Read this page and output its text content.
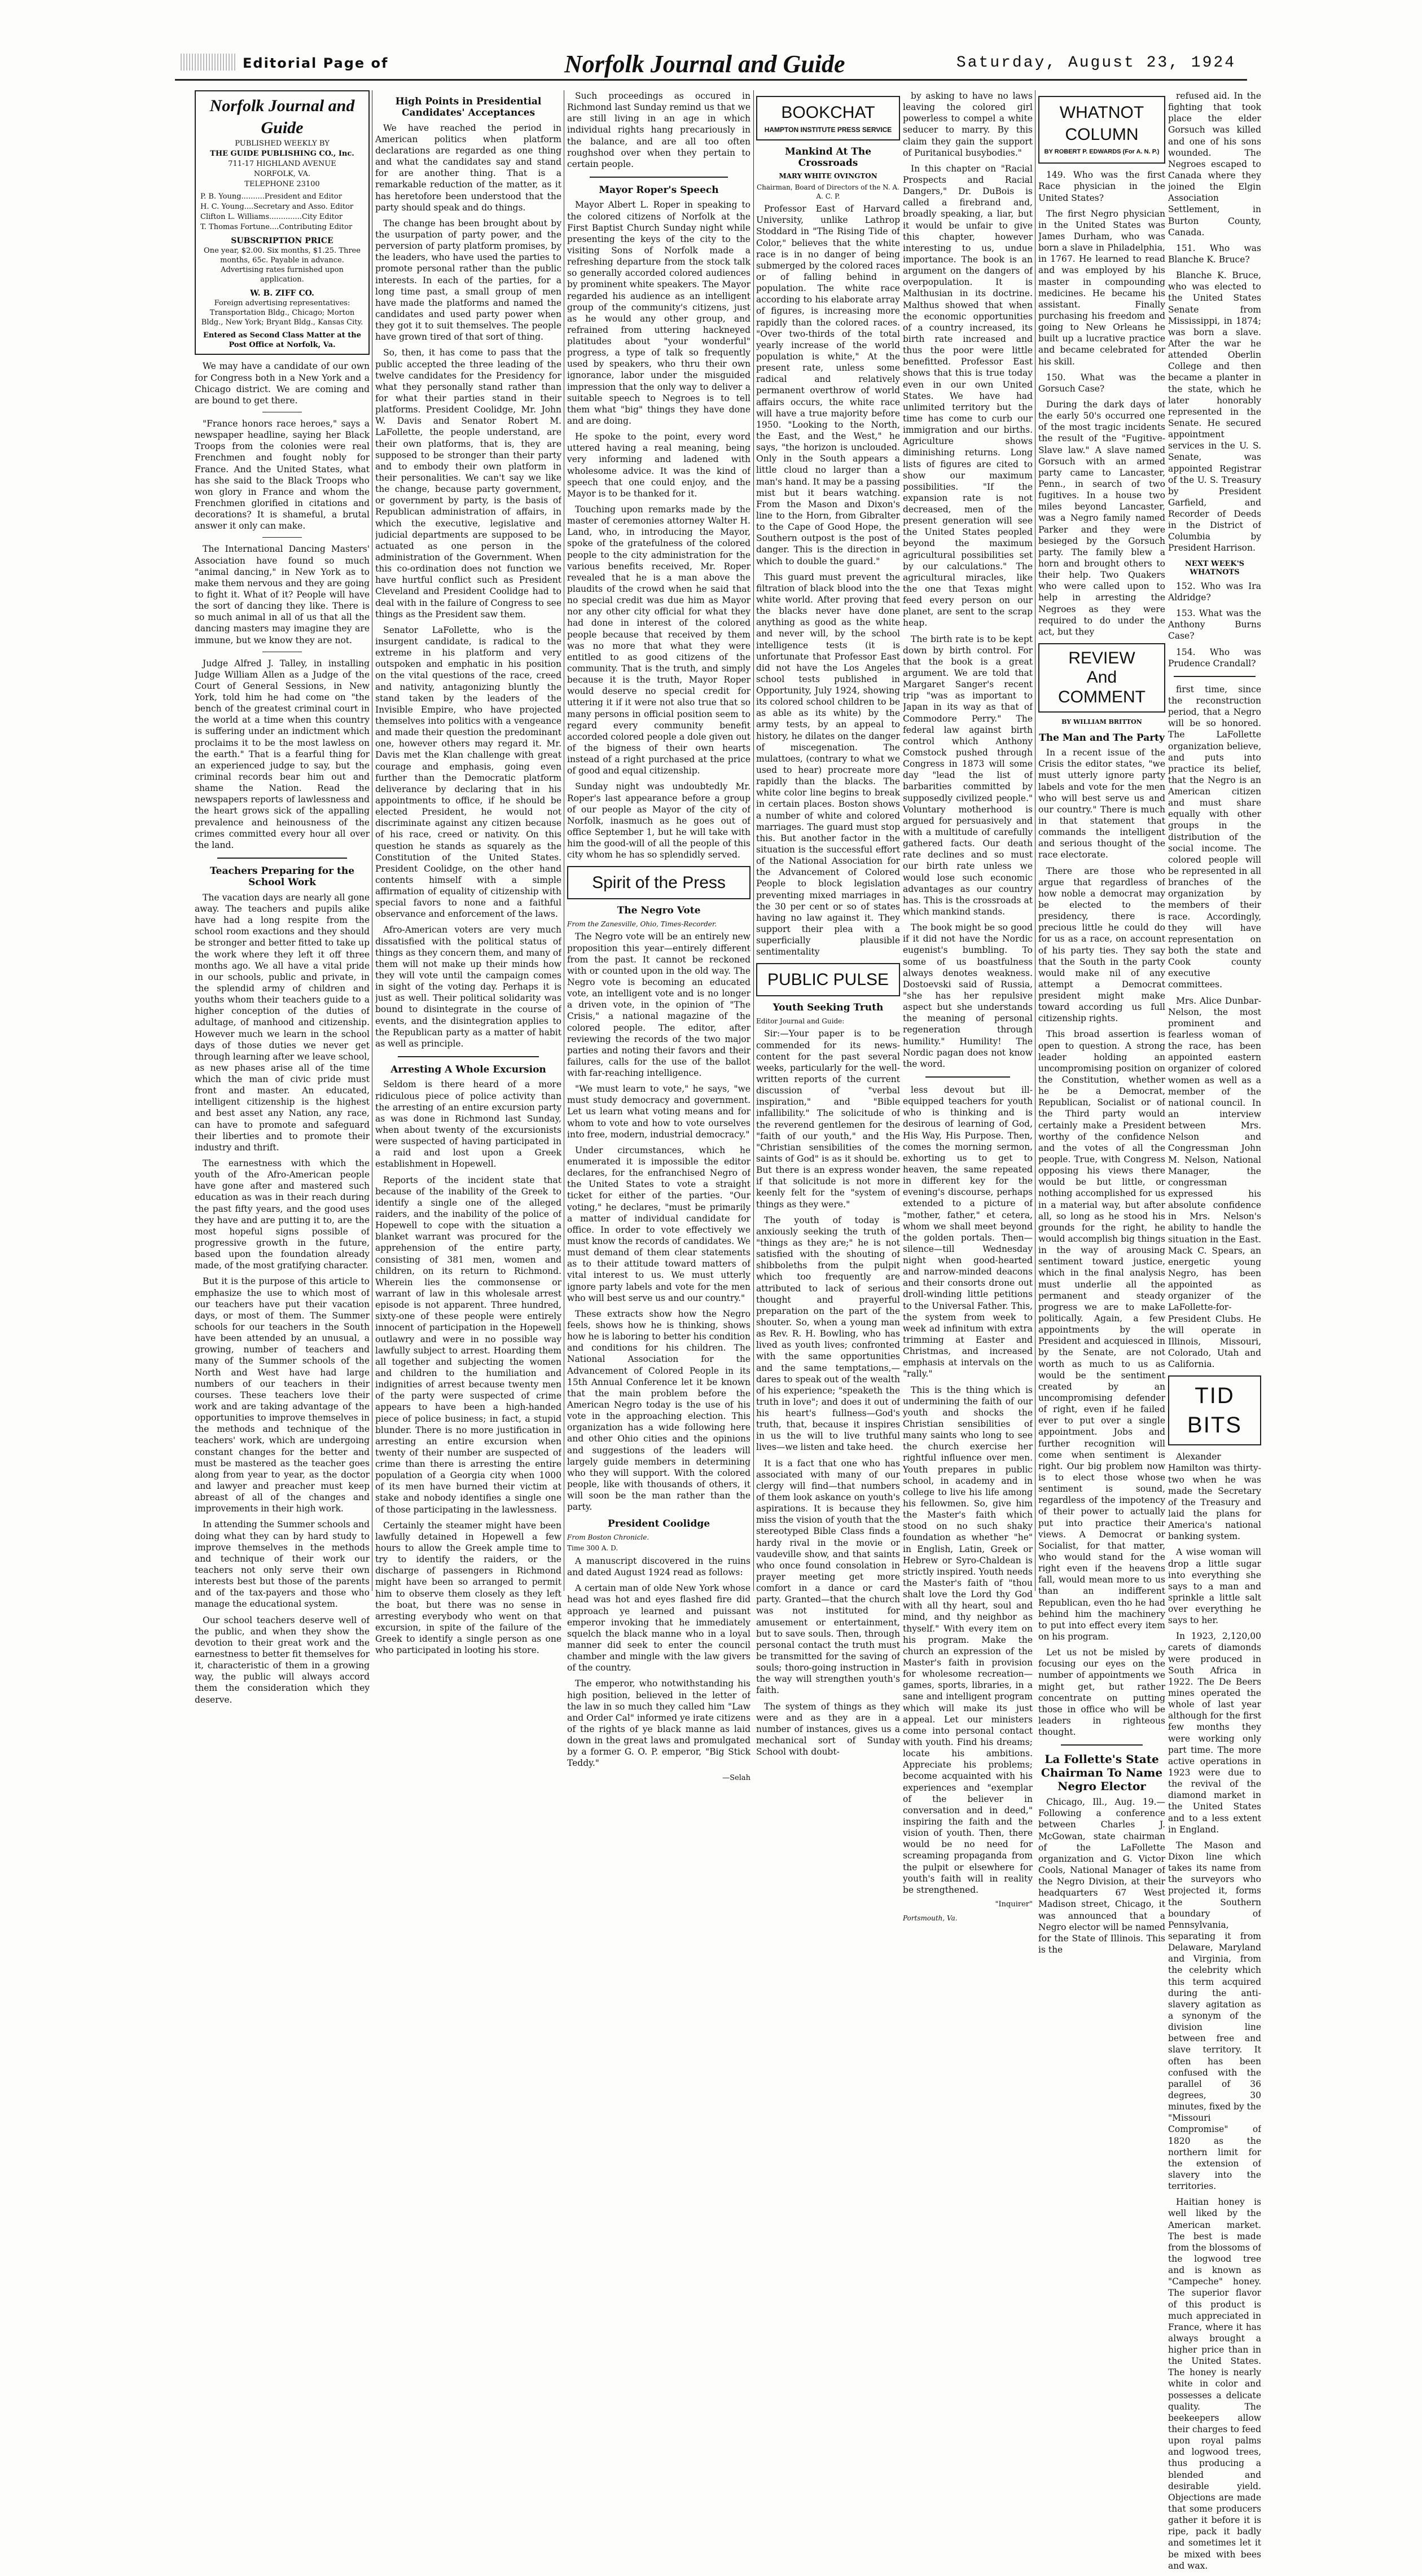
Editorial Page of	Norfolk Journal and Guide	Saturday, August 23, 1924
Norfolk Journal and Guide
PUBLISHED WEEKLY BY
THE GUIDE PUBLISHING CO., Inc.
711-17 HIGHLAND AVENUE
NORFOLK, VA.
TELEPHONE 23100
P. B. Young..........President and Editor
H. C. Young....Secretary and Asso. Editor
Clifton L. Williams..............City Editor
T. Thomas Fortune....Contributing Editor
SUBSCRIPTION PRICE
One year, $2.00. Six months, $1.25. Three months, 65c. Payable in advance. Advertising rates furnished upon application.
W. B. ZIFF CO.
Foreign advertising representatives: Transportation Bldg., Chicago; Morton Bldg., New York; Bryant Bldg., Kansas City.
Entered as Second Class Matter at the Post Office at Norfolk, Va.

We may have a candidate of our own for Congress both in a New York and a Chicago district. We are coming and are bound to get there.

"France honors race heroes," says a newspaper headline, saying her Black Troops from the colonies were real Frenchmen and fought nobly for France. And the United States, what has she said to the Black Troops who won glory in France and whom the Frenchmen glorified in citations and decorations? It is shameful, a brutal answer it only can make.

The International Dancing Masters' Association have found so much "animal dancing," in New York as to make them nervous and they are going to fight it. What of it? People will have the sort of dancing they like. There is so much animal in all of us that all the dancing masters may imagine they are immune, but we know they are not.

Judge Alfred J. Talley, in installing Judge William Allen as a Judge of the Court of General Sessions, in New York, told him he had come on "the bench of the greatest criminal court in the world at a time when this country is suffering under an indictment which proclaims it to be the most lawless on the earth." That is a fearful thing for an experienced judge to say, but the criminal records bear him out and shame the Nation. Read the newspapers reports of lawlessness and the heart grows sick of the appalling prevalence and heinousness of the crimes committed every hour all over the land.

Teachers Preparing for the School Work

The vacation days are nearly all gone away. The teachers and pupils alike have had a long respite from the school room exactions and they should be stronger and better fitted to take up the work where they left it off three months ago. We all have a vital pride in our schools, public and private, in the splendid army of children and youths whom their teachers guide to a higher conception of the duties of adultage, of manhood and citizenship. However much we learn in the school days of those duties we never get through learning after we leave school, as new phases arise all of the time which the man of civic pride must front and master. An educated, intelligent citizenship is the highest and best asset any Nation, any race, can have to promote and safeguard their liberties and to promote their industry and thrift.

The earnestness with which the youth of the Afro-American people have gone after and mastered such education as was in their reach during the past fifty years, and the good uses they have and are putting it to, are the most hopeful signs possible of progressive growth in the future, based upon the foundation already made, of the most gratifying character.

But it is the purpose of this article to emphasize the use to which most of our teachers have put their vacation days, or most of them. The Summer schools for our teachers in the South have been attended by an unusual, a growing, number of teachers and many of the Summer schools of the North and West have had large numbers of our teachers in their courses. These teachers love their work and are taking advantage of the opportunities to improve themselves in the methods and technique of the teachers' work, which are undergoing constant changes for the better and must be mastered as the teacher goes along from year to year, as the doctor and lawyer and preacher must keep abreast of all of the changes and improvements in their high work.

In attending the Summer schools and doing what they can by hard study to improve themselves in the methods and technique of their work our teachers not only serve their own interests best but those of the parents and of the tax-payers and those who manage the educational system.

Our school teachers deserve well of the public, and when they show the devotion to their great work and the earnestness to better fit themselves for it, characteristic of them in a growing way, the public will always accord them the consideration which they deserve.

High Points in Presidential Candidates' Acceptances

We have reached the period in American politics when platform declarations are regarded as one thing and what the candidates say and stand for are another thing. That is a remarkable reduction of the matter, as it has heretofore been understood that the party should speak and do things.

The change has been brought about by the usurpation of party power, and the perversion of party platform promises, by the leaders, who have used the parties to promote personal rather than the public interests. In each of the parties, for a long time past, a small group of men have made the platforms and named the candidates and used party power when they got it to suit themselves. The people have grown tired of that sort of thing.

So, then, it has come to pass that the public accepted the three leading of the twelve candidates for the Presidency for what they personally stand rather than for what their parties stand in their platforms. President Coolidge, Mr. John W. Davis and Senator Robert M. LaFollette, the people understand, are their own platforms, that is, they are supposed to be stronger than their party and to embody their own platform in their personalities. We can't say we like the change, because party government, or government by party, is the basis of Republican administration of affairs, in which the executive, legislative and judicial departments are supposed to be actuated as one person in the administration of the Government. When this co-ordination does not function we have hurtful conflict such as President Cleveland and President Coolidge had to deal with in the failure of Congress to see things as the President saw them.

Senator LaFollette, who is the insurgent candidate, is radical to the extreme in his platform and very outspoken and emphatic in his position on the vital questions of the race, creed and nativity, antagonizing bluntly the stand taken by the leaders of the Invisible Empire, who have projected themselves into politics with a vengeance and made their question the predominant one, however others may regard it. Mr. Davis met the Klan challenge with great courage and emphasis, going even further than the Democratic platform deliverance by declaring that in his appointments to office, if he should be elected President, he would not discriminate against any citizen because of his race, creed or nativity. On this question he stands as squarely as the Constitution of the United States. President Coolidge, on the other hand contents himself with a simple affirmation of equality of citizenship with special favors to none and a faithful observance and enforcement of the laws.

Afro-American voters are very much dissatisfied with the political status of things as they concern them, and many of them will not make up their minds how they will vote until the campaign comes in sight of the voting day. Perhaps it is just as well. Their political solidarity was bound to disintegrate in the course of events, and the disintegration applies to the Republican party as a matter of habit as well as principle.

Arresting A Whole Excursion

Seldom is there heard of a more ridiculous piece of police activity than the arresting of an entire excursion party as was done in Richmond last Sunday, when about twenty of the excursionists were suspected of having participated in a raid and lost upon a Greek establishment in Hopewell.

Reports of the incident state that because of the inability of the Greek to identify a single one of the alleged raiders, and the inability of the police of Hopewell to cope with the situation a blanket warrant was procured for the apprehension of the entire party, consisting of 381 men, women and children, on its return to Richmond. Wherein lies the commonsense or warrant of law in this wholesale arrest episode is not apparent. Three hundred, sixty-one of these people were entirely innocent of participation in the Hopewell outlawry and were in no possible way lawfully subject to arrest. Hoarding them all together and subjecting the women and children to the humiliation and indignities of arrest because twenty men of the party were suspected of crime appears to have been a high-handed piece of police business; in fact, a stupid blunder. There is no more justification in arresting an entire excursion when twenty of their number are suspected of crime than there is arresting the entire population of a Georgia city when 1000 of its men have burned their victim at stake and nobody identifies a single one of those participating in the lawlessness.

Certainly the steamer might have been lawfully detained in Hopewell a few hours to allow the Greek ample time to try to identify the raiders, or the discharge of passengers in Richmond might have been so arranged to permit him to observe them closely as they left the boat, but there was no sense in arresting everybody who went on that excursion, in spite of the failure of the Greek to identify a single person as one who participated in looting his store.

Such proceedings as occured in Richmond last Sunday remind us that we are still living in an age in which individual rights hang precariously in the balance, and are all too often roughshod over when they pertain to certain people.

Mayor Roper's Speech

Mayor Albert L. Roper in speaking to the colored citizens of Norfolk at the First Baptist Church Sunday night while presenting the keys of the city to the visiting Sons of Norfolk made a refreshing departure from the stock talk so generally accorded colored audiences by prominent white speakers. The Mayor regarded his audience as an intelligent group of the community's citizens, just as he would any other group, and refrained from uttering hackneyed platitudes about "your wonderful" progress, a type of talk so frequently used by speakers, who thru their own ignorance, labor under the misguided impression that the only way to deliver a suitable speech to Negroes is to tell them what "big" things they have done and are doing.

He spoke to the point, every word uttered having a real meaning, being very informing and ladened with wholesome advice. It was the kind of speech that one could enjoy, and the Mayor is to be thanked for it.

Touching upon remarks made by the master of ceremonies attorney Walter H. Land, who, in introducing the Mayor, spoke of the gratefulness of the colored people to the city administration for the various benefits received, Mr. Roper revealed that he is a man above the plaudits of the crowd when he said that no special credit was due him as Mayor nor any other city official for what they had done in interest of the colored people because that received by them was no more that what they were entitled to as good citizens of the community. That is the truth, and simply because it is the truth, Mayor Roper would deserve no special credit for uttering it if it were not also true that so many persons in official position seem to regard every community benefit accorded colored people a dole given out of the bigness of their own hearts instead of a right purchased at the price of good and equal citizenship.

Sunday night was undoubtedly Mr. Roper's last appearance before a group of our people as Mayor of the city of Norfolk, inasmuch as he goes out of office September 1, but he will take with him the good-will of all the people of this city whom he has so splendidly served.

Spirit of the Press
The Negro Vote
From the Zanesville, Ohio, Times-Recorder.

The Negro vote will be an entirely new proposition this year—entirely different from the past. It cannot be reckoned with or counted upon in the old way. The Negro vote is becoming an educated vote, an intelligent vote and is no longer a driven vote, in the opinion of "The Crisis," a national magazine of the colored people. The editor, after reviewing the records of the two major parties and noting their favors and their failures, calls for the use of the ballot with far-reaching intelligence.

"We must learn to vote," he says, "we must study democracy and government. Let us learn what voting means and for whom to vote and how to vote ourselves into free, modern, industrial democracy."

Under circumstances, which he enumerated it is impossible the editor declares, for the enfranchised Negro of the United States to vote a straight ticket for either of the parties. "Our voting," he declares, "must be primarily a matter of individual candidate for office. In order to vote effectively we must know the records of candidates. We must demand of them clear statements as to their attitude toward matters of vital interest to us. We must utterly ignore party labels and vote for the men who will best serve us and our country."

These extracts show how the Negro feels, shows how he is thinking, shows how he is laboring to better his condition and conditions for his children. The National Association for the Advancement of Colored People in its 15th Annual Conference let it be known that the main problem before the American Negro today is the use of his vote in the approaching election. This organization has a wide following here and other Ohio cities and the opinions and suggestions of the leaders will largely guide members in determining who they will support. With the colored people, like with thousands of others, it will soon be the man rather than the party.

President Coolidge
From Boston Chronicle.
Time 300 A. D.

A manuscript discovered in the ruins and dated August 1924 read as follows:

A certain man of olde New York whose head was hot and eyes flashed fire did approach ye learned and puissant emperor invoking that he immediately squelch the black manne who in a loyal manner did seek to enter the council chamber and mingle with the law givers of the country.

The emperor, who notwithstanding his high position, believed in the letter of the law in so much they called him "Law and Order Cal" informed ye irate citizens of the rights of ye black manne as laid down in the great laws and promulgated by a former G. O. P. emperor, "Big Stick Teddy."

—Selah
BOOKCHAT
HAMPTON INSTITUTE PRESS SERVICE
Mankind At The Crossroads
MARY WHITE OVINGTON
Chairman, Board of Directors of the N. A. A. C. P.

Professor East of Harvard University, unlike Lathrop Stoddard in "The Rising Tide of Color," believes that the white race is in no danger of being submerged by the colored races or of falling behind in population. The white race according to his elaborate array of figures, is increasing more rapidly than the colored races. "Over two-thirds of the total yearly increase of the world population is white," At the present rate, unless some radical and relatively permanent overthrow of world affairs occurs, the white race will have a true majority before 1950. "Looking to the North, the East, and the West," he says, "the horizon is unclouded. Only in the South appears a little cloud no larger than a man's hand. It may be a passing mist but it bears watching. From the Mason and Dixon's line to the Horn, from Gibralter to the Cape of Good Hope, the Southern outpost is the post of danger. This is the direction in which to double the guard."

This guard must prevent the filtration of black blood into the white world. After proving that the blacks never have done anything as good as the white and never will, by the school intelligence tests (it is unfortunate that Professor East did not have the Los Angeles school tests published in Opportunity, July 1924, showing its colored school children to be as able as its white) by the army tests, by an appeal to history, he dilates on the danger of miscegenation. The mulattoes, (contrary to what we used to hear) procreate more rapidly than the blacks. The white color line begins to break in certain places. Boston shows a number of white and colored marriages. The guard must stop this. But another factor in the situation is the successful effort of the National Association for the Advancement of Colored People to block legislation preventing mixed marriages in the 30 per cent or so of states having no law against it. They support their plea with a superficially plausible sentimentality

PUBLIC PULSE
Youth Seeking Truth
Editor Journal and Guide:

Sir:—Your paper is to be commended for its news-content for the past several weeks, particularly for the well-written reports of the current discussion of "verbal inspiration," and "Bible infallibility." The solicitude of the reverend gentlemen for the "faith of our youth," and the "Christian sensibilities of the saints of God" is as it should be. But there is an express wonder if that solicitude is not more keenly felt for the "system of things as they were."

The youth of today is anxiously seeking the truth of "things as they are;" he is not satisfied with the shouting of shibboleths from the pulpit which too frequently are attributed to lack of serious thought and prayerful preparation on the part of the shouter. So, when a young man as Rev. R. H. Bowling, who has lived as youth lives; confronted with the same opportunities and the same temptations,—dares to speak out of the wealth of his experience; "speaketh the truth in love"; and does it out of his heart's fullness—God's truth, that, because it inspires in us the will to live truthful lives—we listen and take heed.

It is a fact that one who has associated with many of our clergy will find—that numbers of them look askance on youth's aspirations. It is because they miss the vision of youth that the stereotyped Bible Class finds a hardy rival in the movie or vaudeville show, and that saints who once found consolation in prayer meeting get more comfort in a dance or card party. Granted—that the church was not instituted for amusement or entertainment, but to save souls. Then, through personal contact the truth must be transmitted for the saving of souls; thoro-going instruction in the way will strengthen youth's faith.

The system of things as they were and as they are in a number of instances, gives us a mechanical sort of Sunday School with doubt-

by asking to have no laws leaving the colored girl powerless to compel a white seducer to marry. By this claim they gain the support of Puritanical busybodies."

In this chapter on "Racial Prospects and Racial Dangers," Dr. DuBois is called a firebrand and, broadly speaking, a liar, but it would be unfair to give this chapter, however interesting to us, undue importance. The book is an argument on the dangers of overpopulation. It is Malthusian in its doctrine. Malthus showed that when the economic opportunities of a country increased, its birth rate increased and thus the poor were little benefitted. Professor East shows that this is true today even in our own United States. We have had unlimited territory but the time has come to curb our immigration and our births. Agriculture shows diminishing returns. Long lists of figures are cited to show our maximum possibilities. "If the expansion rate is not decreased, men of the present generation will see the United States peopled beyond the maximum agricultural possibilities set by our calculations." The agricultural miracles, like the one that Texas might feed every person on our planet, are sent to the scrap heap.

The birth rate is to be kept down by birth control. For that the book is a great argument. We are told that Margaret Sanger's recent trip "was as important to Japan in its way as that of Commodore Perry." The federal law against birth control which Anthony Comstock pushed through Congress in 1873 will some day "lead the list of barbarities committed by supposedly civilized people." Voluntary motherhood is argued for persuasively and with a multitude of carefully gathered facts. Our death rate declines and so must our birth rate unless we would lose such economic advantages as our country has. This is the crossroads at which mankind stands.

The book might be so good if it did not have the Nordic eugenist's bumbling. To some of us boastfulness always denotes weakness. Dostoevski said of Russia, "she has her repulsive aspect but she understands the meaning of personal regeneration through humility." Humility! The Nordic pagan does not know the word.

less devout but ill-equipped teachers for youth who is thinking and is desirous of learning of God, His Way, His Purpose. Then, comes the morning sermon, exhorting us to get to heaven, the same repeated in different key for the evening's discourse, perhaps extended to a picture of "mother, father," et cetera, whom we shall meet beyond the golden portals. Then—silence—till Wednesday night when good-hearted and narrow-minded deacons and their consorts drone out droll-winding little petitions to the Universal Father. This, the system from week to week ad infinitum with extra trimming at Easter and Christmas, and increased emphasis at intervals on the "rally."

This is the thing which is undermining the faith of our youth and shocks the Christian sensibilities of many saints who long to see the church exercise her rightful influence over men. Youth prepares in public school, in academy and in college to live his life among his fellowmen. So, give him the Master's faith which stood on no such shaky foundation as whether "he" in English, Latin, Greek or Hebrew or Syro-Chaldean is strictly inspired. Youth needs the Master's faith of "thou shalt love the Lord thy God with all thy heart, soul and mind, and thy neighbor as thyself." With every item on his program. Make the church an expression of the Master's faith in provision for wholesome recreation—games, sports, libraries, in a sane and intelligent program which will make its just appeal. Let our ministers come into personal contact with youth. Find his dreams; locate his ambitions. Appreciate his problems; become acquainted with his experiences and "exemplar of the believer in conversation and in deed," inspiring the faith and the vision of youth. Then, there would be no need for screaming propaganda from the pulpit or elsewhere for youth's faith will in reality be strengthened.

"Inquirer"
Portsmouth, Va.
WHATNOT COLUMN
BY ROBERT P. EDWARDS (For A. N. P.)

149. Who was the first Race physician in the United States?

The first Negro physician in the United States was James Durham, who was born a slave in Philadelphia, in 1767. He learned to read and was employed by his master in compounding medicines. He became his assistant. Finally purchasing his freedom and going to New Orleans he built up a lucrative practice and became celebrated for his skill.

150. What was the Gorsuch Case?

During the dark days of the early 50's occurred one of the most tragic incidents the result of the "Fugitive-Slave law." A slave named Gorsuch with an armed party came to Lancaster, Penn., in search of two fugitives. In a house two miles beyond Lancaster, was a Negro family named Parker and they were besieged by the Gorsuch party. The family blew a horn and brought others to their help. Two Quakers who were called upon to help in arresting the Negroes as they were required to do under the act, but they

REVIEW
And
COMMENT
BY WILLIAM BRITTON
The Man and The Party

In a recent issue of the Crisis the editor states, "we must utterly ignore party labels and vote for the men who will best serve us and our country." There is much in that statement that commands the intelligent and serious thought of the race electorate.

There are those who argue that regardless of how noble a democrat may be elected to the presidency, there is precious little he could do for us as a race, on account of his party ties. They say that the South in the party would make nil of any attempt a Democrat president might make toward according us full citizenship rights.

This broad assertion is open to question. A strong leader holding an uncompromising position on the Constitution, whether he be a Democrat, Republican, Socialist or of the Third party would certainly make a President worthy of the confidence and the votes of all the people. True, with Congress opposing his views there would be but little, or nothing accomplished for us in a material way, but after all, so long as he stood his grounds for the right, he would accomplish big things in the way of arousing sentiment toward justice, which in the final analysis must underlie all the permanent and steady progress we are to make politically. Again, a few appointments by the President and acquiesced in by the Senate, are not worth as much to us as would be the sentiment created by an uncompromising defender of right, even if he failed ever to put over a single appointment. Jobs and further recognition will come when sentiment is right. Our big problem now is to elect those whose sentiment is sound, regardless of the impotency of their power to actually put into practice their views. A Democrat or Socialist, for that matter, who would stand for the right even if the heavens fall, would mean more to us than an indifferent Republican, even tho he had behind him the machinery to put into effect every item on his program.

Let us not be misled by focusing our eyes on the number of appointments we might get, but rather concentrate on putting those in office who will be leaders in righteous thought.

La Follette's State Chairman To Name Negro Elector

Chicago, Ill., Aug. 19.—Following a conference between Charles J. McGowan, state chairman of the LaFollette organization and G. Victor Cools, National Manager of the Negro Division, at their headquarters 67 West Madison street, Chicago, it was announced that a Negro elector will be named for the State of Illinois. This is the

refused aid. In the fighting that took place the elder Gorsuch was killed and one of his sons wounded. The Negroes escaped to Canada where they joined the Elgin Association Settlement, in Burton County, Canada.

151. Who was Blanche K. Bruce?

Blanche K. Bruce, who was elected to the United States Senate from Mississippi, in 1874; was born a slave. After the war he attended Oberlin College and then became a planter in the state, which he later honorably represented in the Senate. He secured appointment services in the U. S. Senate, was appointed Registrar of the U. S. Treasury by President Garfield, and Recorder of Deeds in the District of Columbia by President Harrison.

NEXT WEEK'S WHATNOTS

152. Who was Ira Aldridge?

153. What was the Anthony Burns Case?

154. Who was Prudence Crandall?

first time, since the reconstruction period, that a Negro will be so honored. The LaFollette organization believe, and puts into practice its belief, that the Negro is an American citizen and must share equally with other groups in the distribution of the social income. The colored people will be represented in all branches of the organization by members of their race. Accordingly, they will have representation on both the state and Cook county executive committees.

Mrs. Alice Dunbar-Nelson, the most prominent and fearless woman of the race, has been appointed eastern organizer of colored women as well as a member of the national council. In an interview between Mrs. Nelson and Congressman John M. Nelson, National Manager, the congressman expressed his absolute confidence in Mrs. Nelson's ability to handle the situation in the East. Mack C. Spears, an energetic young Negro, has been appointed as organizer of the LaFollette-for-President Clubs. He will operate in Illinois, Missouri, Colorado, Utah and California.

TID BITS

Alexander Hamilton was thirty-two when he was made the Secretary of the Treasury and laid the plans for America's national banking system.

A wise woman will drop a little sugar into everything she says to a man and sprinkle a little salt over everything he says to her.

In 1923, 2,120,00 carets of diamonds were produced in South Africa in 1922. The De Beers mines operated the whole of last year although for the first few months they were working only part time. The more active operations in 1923 were due to the revival of the diamond market in the United States and to a less extent in England.

The Mason and Dixon line which takes its name from the surveyors who projected it, forms the Southern boundary of Pennsylvania, separating it from Delaware, Maryland and Virginia, from the celebrity which this term acquired during the anti-slavery agitation as a synonym of the division line between free and slave territory. It often has been confused with the parallel of 36 degrees, 30 minutes, fixed by the "Missouri Compromise" of 1820 as the northern limit for the extension of slavery into the territories.

Haitian honey is well liked by the American market. The best is made from the blossoms of the logwood tree and is known as "Campeche" honey. The superior flavor of this product is much appreciated in France, where it has always brought a higher price than in the United States. The honey is nearly white in color and possesses a delicate quality. The beekeepers allow their charges to feed upon royal palms and logwood trees, thus producing a blended and desirable yield. Objections are made that some producers gather it before it is ripe, pack it badly and sometimes let it be mixed with bees and wax.
